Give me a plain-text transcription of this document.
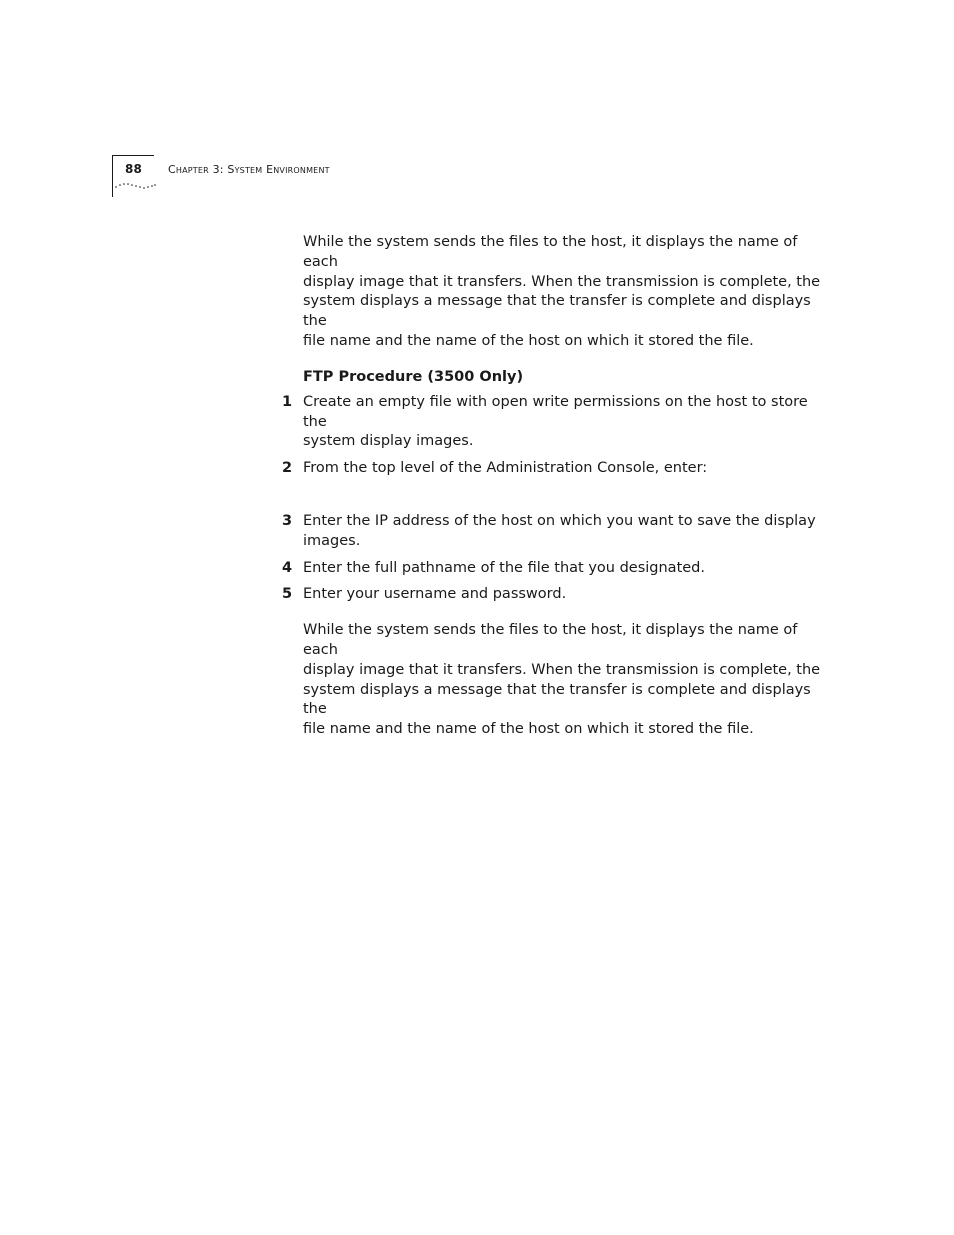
88 Chapter 3: System Environment

While the system sends the files to the host, it displays the name of each
display image that it transfers. When the transmission is complete, the
system displays a message that the transfer is complete and displays the
file name and the name of the host on which it stored the file.

FTP Procedure (3500 Only)
1 Create an empty file with open write permissions on the host to store the
system display images.
2 From the top level of the Administration Console, enter:
3 Enter the IP address of the host on which you want to save the display
images.
4 Enter the full pathname of the file that you designated.
5 Enter your username and password.

While the system sends the files to the host, it displays the name of each
display image that it transfers. When the transmission is complete, the
system displays a message that the transfer is complete and displays the
file name and the name of the host on which it stored the file.
